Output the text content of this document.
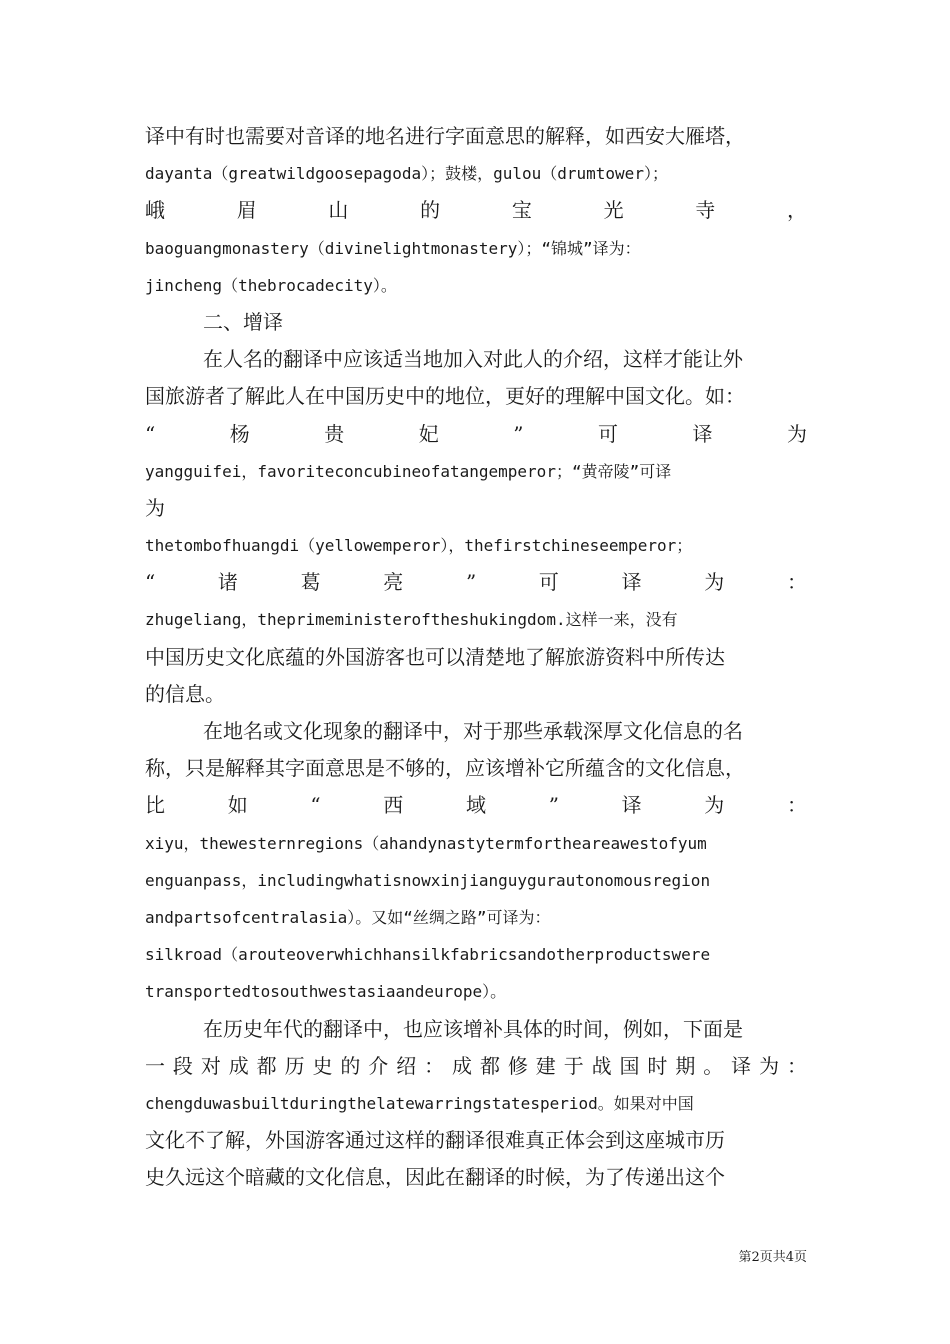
译中有时也需要对音译的地名进行字面意思的解释，如西安大雁塔，
dayanta（greatwildgoosepagoda）；鼓楼，gulou（drumtower）；
峨　　眉　　山　　的　　宝　　光　　寺　　，
baoguangmonastery（divinelightmonastery）；“锦城”译为：
jincheng（thebrocadecity）。
二、增译
在人名的翻译中应该适当地加入对此人的介绍，这样才能让外
国旅游者了解此人在中国历史中的地位，更好的理解中国文化。如：
“　　杨　　贵　　妃　　”　　可　　译　　为
yangguifei，favoriteconcubineofatangemperor；“黄帝陵”可译
为
thetombofhuangdi（yellowemperor），thefirstchineseemperor；
“　　诸　　葛　　亮　　”　　可　　译　　为　　：
zhugeliang，theprimeministeroftheshukingdom.这样一来，没有
中国历史文化底蕴的外国游客也可以清楚地了解旅游资料中所传达
的信息。
在地名或文化现象的翻译中，对于那些承载深厚文化信息的名
称，只是解释其字面意思是不够的，应该增补它所蕴含的文化信息，
比　　如　　“　　西　　域　　”　　译　　为　　：
xiyu，thewesternregions（ahandynastytermfortheareawestofyum
enguanpass，includingwhatisnowxinjianguygurautonomousregion
andpartsofcentralasia）。又如“丝绸之路”可译为：
silkroad（arouteoverwhichhansilkfabricsandotherproductswere
transportedtosouthwestasiaandeurope）。
在历史年代的翻译中，也应该增补具体的时间，例如，下面是
一段对成都历史的介绍：成都修建于战国时期。译为：
chengduwasbuiltduringthelatewarringstatesperiod。如果对中国
文化不了解，外国游客通过这样的翻译很难真正体会到这座城市历
史久远这个暗藏的文化信息，因此在翻译的时候，为了传递出这个
第2页共4页
